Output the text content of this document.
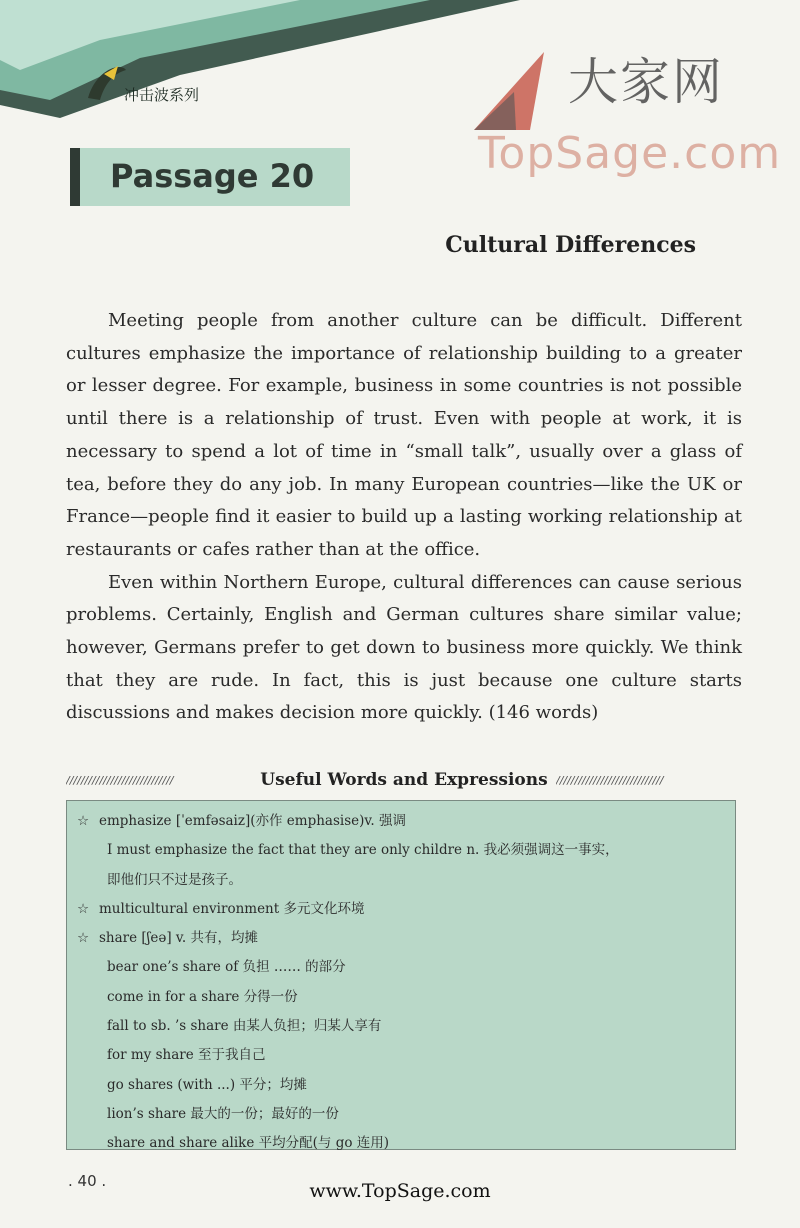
冲击波系列	大家网
TopSage.com
Passage 20
Cultural Differences

Meeting people from another culture can be difficult. Different cultures emphasize the importance of relationship building to a greater or lesser degree. For example, business in some countries is not possible until there is a relationship of trust. Even with people at work, it is necessary to spend a lot of time in “small talk”, usually over a glass of tea, before they do any job. In many European countries—like the UK or France—people find it easier to build up a lasting working relationship at restaurants or cafes rather than at the office.

Even within Northern Europe, cultural differences can cause serious problems. Certainly, English and German cultures share similar value; however, Germans prefer to get down to business more quickly. We think that they are rude. In fact, this is just because one culture starts discussions and makes decision more quickly. (146 words)

/////////////////////////////	Useful Words and Expressions /////////////////////////////
☆ emphasize [ˈemfəsaiz](亦作 emphasise)v. 强调
I must emphasize the fact that they are only childre n. 我必须强调这一事实，
即他们只不过是孩子。
☆ multicultural environment 多元文化环境
☆ share [ʃeə] v. 共有，均摊
bear one’s share of 负担 …… 的部分
come in for a share 分得一份
fall to sb. ’s share 由某人负担；归某人享有
for my share 至于我自己
go shares (with ...) 平分；均摊
lion’s share 最大的一份；最好的一份
share and share alike 平均分配(与 go 连用)
. 40 .	www.TopSage.com
